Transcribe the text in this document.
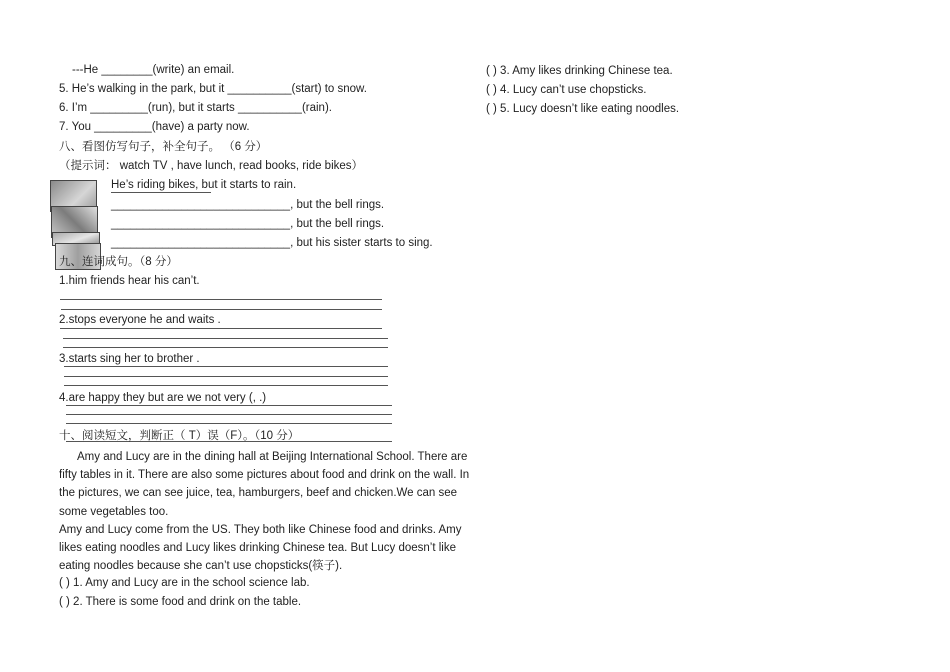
---He ________(write) an email.
5. He’s walking in the park, but it __________(start) to snow.
6. I’m _________(run), but it starts __________(rain).
7. You _________(have) a party now.
八、看图仿写句子，补全句子。 （6 分）
（提示词： watch TV , have lunch, read books, ride bikes）
He’s riding bikes, but it starts to rain.
____________________________, but the bell rings.
____________________________, but the bell rings.
____________________________, but his sister starts to sing.
九、连词成句。（8 分）
1.him friends hear his can’t.
2.stops everyone he and waits .
3.starts sing her to brother .
4.are happy they but are we not very (, .)
十、阅读短文，判断正（ T）误（F）。（10 分）

Amy and Lucy are in the dining hall at Beijing International School. There are fifty tables in it. There are also some pictures about food and drink on the wall. In the pictures, we can see juice, tea, hamburgers, beef and chicken.We can see some vegetables too.

Amy and Lucy come from the US. They both like Chinese food and drinks. Amy likes eating noodles and Lucy likes drinking Chinese tea. But Lucy doesn’t like eating noodles because she can’t use chopsticks(筷子).

( ) 1. Amy and Lucy are in the school science lab.
( ) 2. There is some food and drink on the table.
( ) 3. Amy likes drinking Chinese tea.
( ) 4. Lucy can’t use chopsticks.
( ) 5. Lucy doesn’t like eating noodles.
